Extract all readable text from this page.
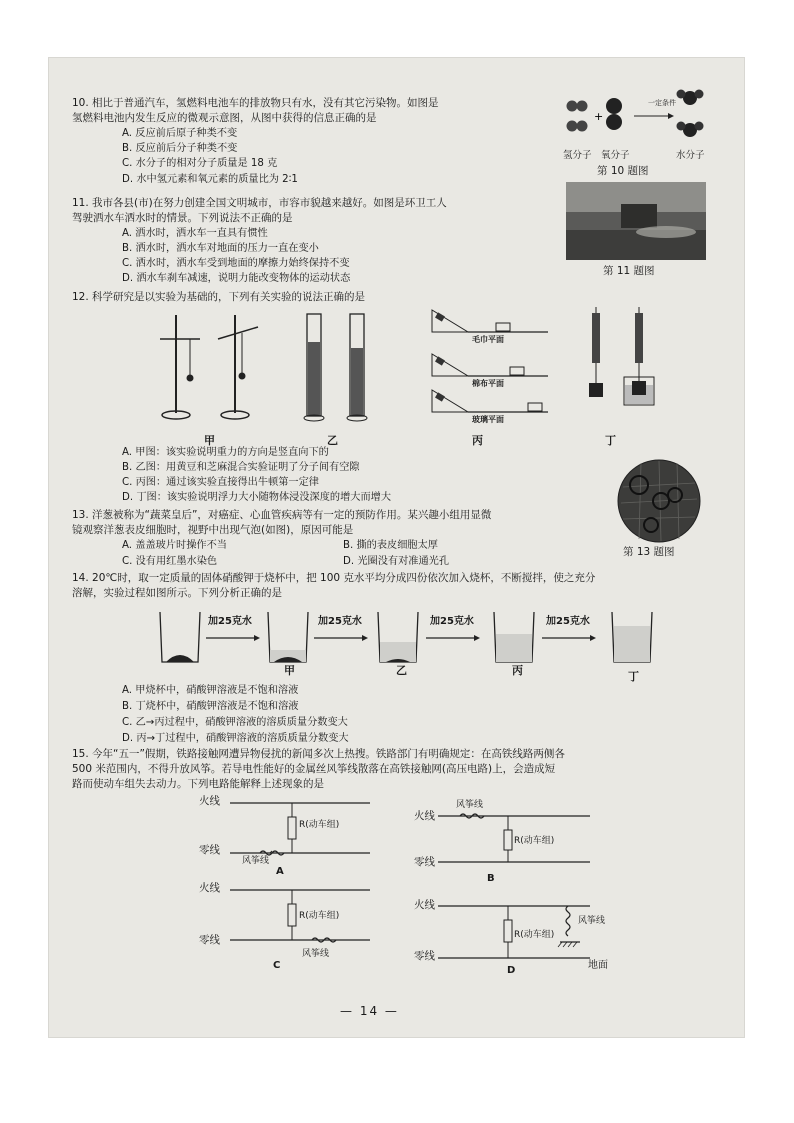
10. 相比于普通汽车，氢燃料电池车的排放物只有水，没有其它污染物。如图是
氢燃料电池内发生反应的微观示意图，从图中获得的信息正确的是
A. 反应前后原子种类不变
B. 反应前后分子种类不变
C. 水分子的相对分子质量是 18 克
D. 水中氢元素和氧元素的质量比为 2∶1
+
一定条件
氢分子 氧分子	水分子
第 10 题图
11. 我市各县(市)在努力创建全国文明城市，市容市貌越来越好。如图是环卫工人
驾驶洒水车洒水时的情景。下列说法不正确的是
A. 洒水时，洒水车一直具有惯性
B. 洒水时，洒水车对地面的压力一直在变小
C. 洒水时，洒水车受到地面的摩擦力始终保持不变
D. 洒水车刹车减速，说明力能改变物体的运动状态
第 11 题图
12. 科学研究是以实验为基础的，下列有关实验的说法正确的是
毛巾平面
棉布平面
玻璃平面
甲	乙	丙	丁
A. 甲图：该实验说明重力的方向是竖直向下的
B. 乙图：用黄豆和芝麻混合实验证明了分子间有空隙
C. 丙图：通过该实验直接得出牛顿第一定律
D. 丁图：该实验说明浮力大小随物体浸没深度的增大而增大
13. 洋葱被称为“蔬菜皇后”，对癌症、心血管疾病等有一定的预防作用。某兴趣小组用显微
镜观察洋葱表皮细胞时，视野中出现气泡(如图)，原因可能是
A. 盖盖玻片时操作不当	B. 撕的表皮细胞太厚
C. 没有用红墨水染色	D. 光圈没有对准通光孔
第 13 题图
14. 20℃时，取一定质量的固体硝酸钾于烧杯中，把 100 克水平均分成四份依次加入烧杯，不断搅拌，使之充分
溶解，实验过程如图所示。下列分析正确的是
加25克水	加25克水	加25克水	加25克水
甲	乙	丙	丁
A. 甲烧杯中，硝酸钾溶液是不饱和溶液
B. 丁烧杯中，硝酸钾溶液是不饱和溶液
C. 乙→丙过程中，硝酸钾溶液的溶质质量分数变大
D. 丙→丁过程中，硝酸钾溶液的溶质质量分数变大
15. 今年“五一”假期，铁路接触网遭异物侵扰的新闻多次上热搜。铁路部门有明确规定：在高铁线路两侧各
500 米范围内，不得升放风筝。若导电性能好的金属丝风筝线散落在高铁接触网(高压电路)上，会造成短
路而使动车组失去动力。下列电路能解释上述现象的是
火线
零线
R(动车组)
风筝线
A
火线
零线
风筝线
R(动车组)
B
火线
零线
R(动车组)
风筝线
C
火线
零线
R(动车组)
风筝线
地面
D
— 14 —
